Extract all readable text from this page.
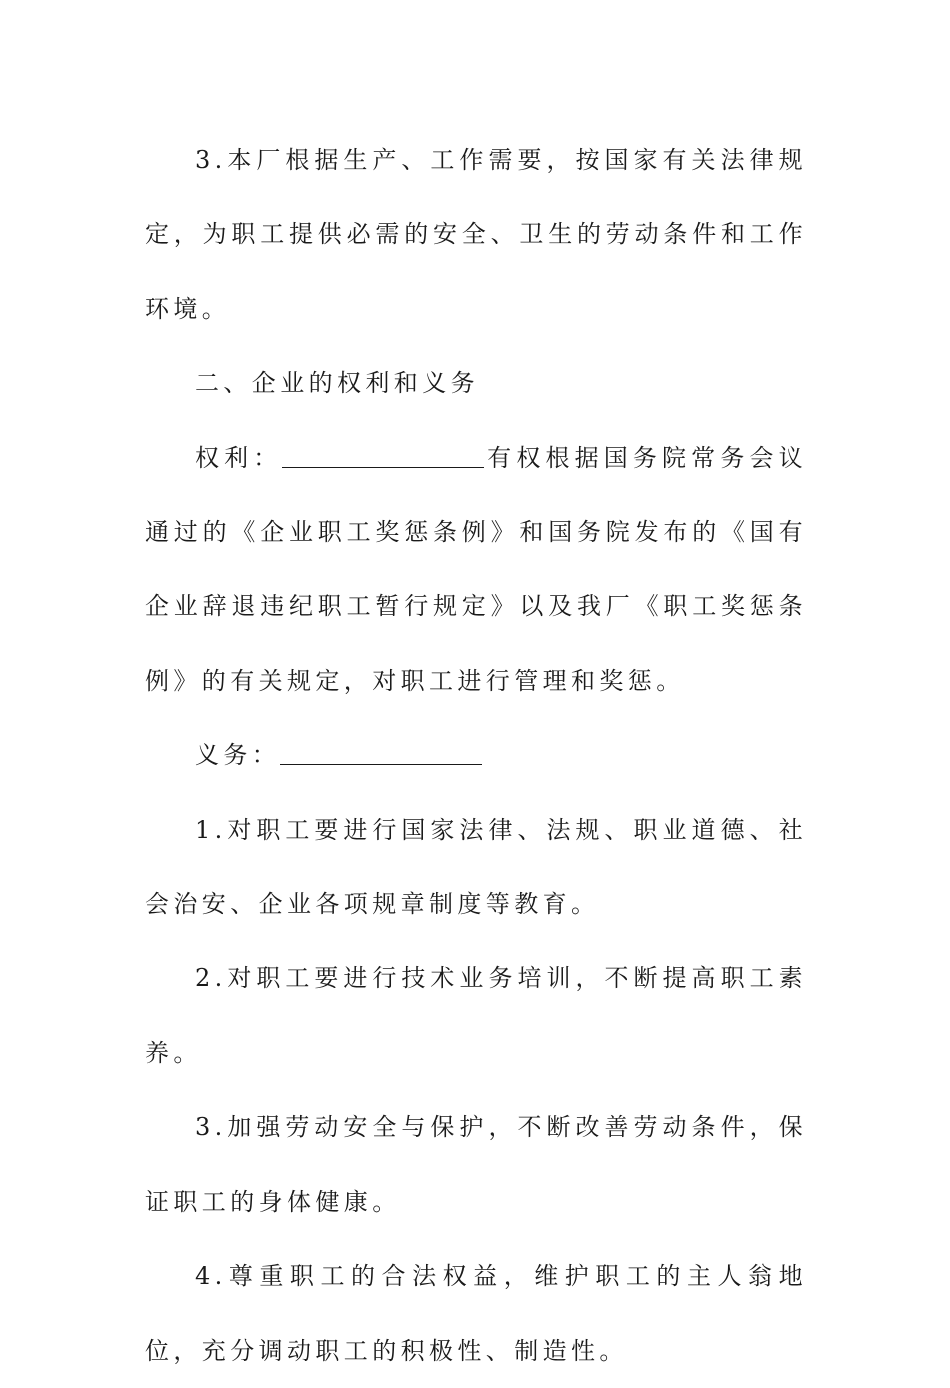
3.本厂根据生产、工作需要，按国家有关法律规定，为职工提供必需的安全、卫生的劳动条件和工作环境。

二、企业的权利和义务

权利：	有权根据国务院常务会议通过的《企业职工奖惩条例》和国务院发布的《国有企业辞退违纪职工暂行规定》以及我厂《职工奖惩条例》的有关规定，对职工进行管理和奖惩。

义务：

1.对职工要进行国家法律、法规、职业道德、社会治安、企业各项规章制度等教育。

2.对职工要进行技术业务培训，不断提高职工素养。

3.加强劳动安全与保护，不断改善劳动条件，保证职工的身体健康。

4.尊重职工的合法权益，维护职工的主人翁地位，充分调动职工的积极性、制造性。
